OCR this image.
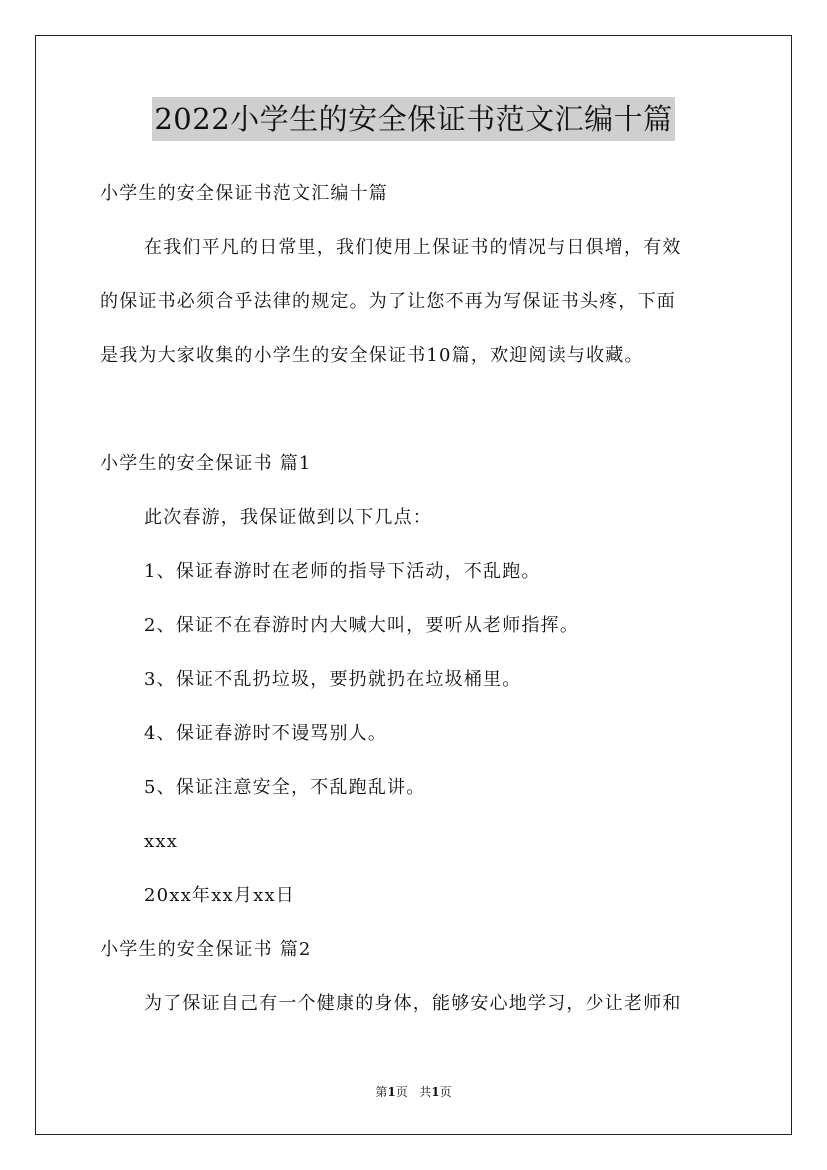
2022小学生的安全保证书范文汇编十篇
小学生的安全保证书范文汇编十篇
在我们平凡的日常里，我们使用上保证书的情况与日俱增，有效
的保证书必须合乎法律的规定。为了让您不再为写保证书头疼，下面
是我为大家收集的小学生的安全保证书10篇，欢迎阅读与收藏。
小学生的安全保证书 篇1
此次春游，我保证做到以下几点：
1、保证春游时在老师的指导下活动，不乱跑。
2、保证不在春游时内大喊大叫，要听从老师指挥。
3、保证不乱扔垃圾，要扔就扔在垃圾桶里。
4、保证春游时不谩骂别人。
5、保证注意安全，不乱跑乱讲。
xxx
20xx年xx月xx日
小学生的安全保证书 篇2
为了保证自己有一个健康的身体，能够安心地学习，少让老师和
第1页 共1页
